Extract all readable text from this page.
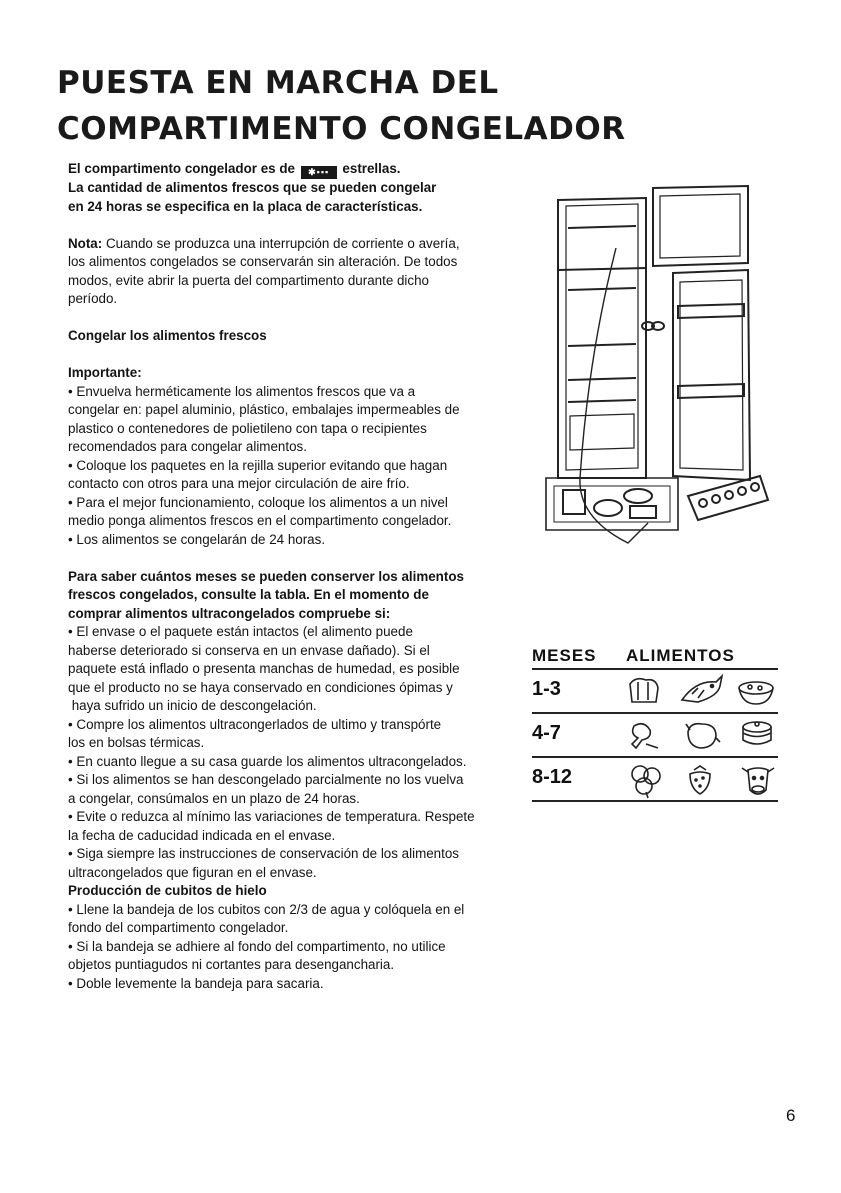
PUESTA EN MARCHA DEL
COMPARTIMENTO CONGELADOR

El compartimento congelador es de ✱▪▪▪ estrellas.

La cantidad de alimentos frescos que se pueden congelar

en 24 horas se especifica en la placa de características.

Nota: Cuando se produzca una interrupción de corriente o avería,

los alimentos congelados se conservarán sin alteración. De todos

modos, evite abrir la puerta del compartimento durante dicho

período.

Congelar los alimentos frescos

Importante:

• Envuelva herméticamente los alimentos frescos que va a

congelar en: papel aluminio, plástico, embalajes impermeables de

plastico o contenedores de polietileno con tapa o recipientes

recomendados para congelar alimentos.

• Coloque los paquetes en la rejilla superior evitando que hagan

contacto con otros para una mejor circulación de aire frío.

• Para el mejor funcionamiento, coloque los alimentos a un nivel

medio ponga alimentos frescos en el compartimento congelador.

• Los alimentos se congelarán de 24 horas.

Para saber cuántos meses se pueden conserver los alimentos

frescos congelados, consulte la tabla. En el momento de

comprar alimentos ultracongelados compruebe si:

• El envase o el paquete están intactos (el alimento puede

haberse deteriorado si conserva en un envase dañado). Si el

paquete está inflado o presenta manchas de humedad, es posible

que el producto no se haya conservado en condiciones ópimas y

haya sufrido un inicio de descongelación.

• Compre los alimentos ultracongerlados de ultimo y transpórte

los en bolsas térmicas.

• En cuanto llegue a su casa guarde los alimentos ultracongelados.

• Si los alimentos se han descongelado parcialmente no los vuelva

a congelar, consúmalos en un plazo de 24 horas.

• Evite o reduzca al mínimo las variaciones de temperatura. Respete

la fecha de caducidad indicada en el envase.

• Siga siempre las instrucciones de conservación de los alimentos

ultracongelados que figuran en el envase.

Producción de cubitos de hielo

• Llene la bandeja de los cubitos con 2/3 de agua y colóquela en el

fondo del compartimento congelador.

• Si la bandeja se adhiere al fondo del compartimento, no utilice

objetos puntiagudos ni cortantes para desengancharia.

• Doble levemente la bandeja para sacaria.

MESES ALIMENTOS
1-3
4-7
8-12
6
